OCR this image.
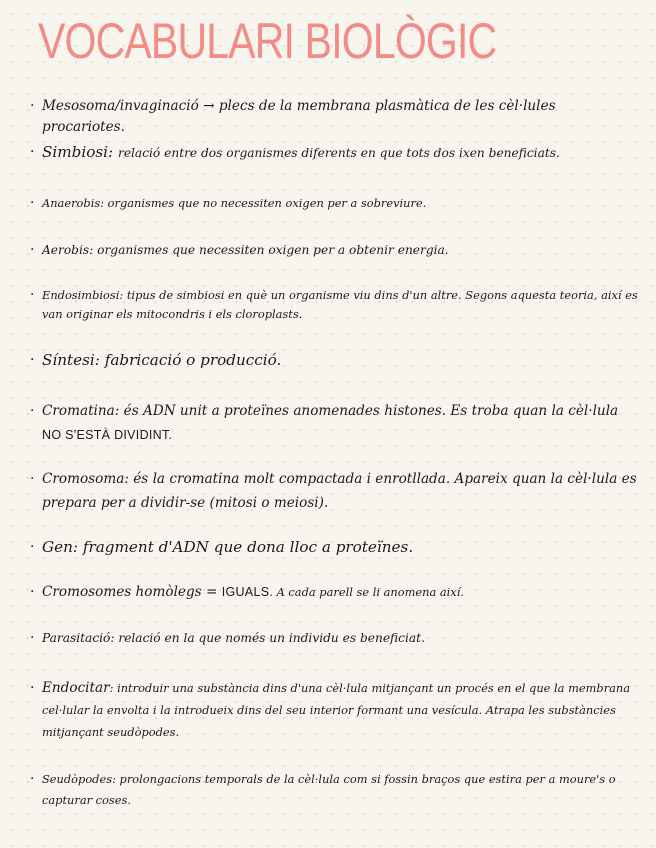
VOCABULARI BIOLÒGIC
· Mesosoma/invaginació → plecs de la membrana plasmàtica de les cèl·lules procariotes.
· Simbiosi: relació entre dos organismes diferents en que tots dos ixen beneficiats.
· Anaerobis: organismes que no necessiten oxigen per a sobreviure.
· Aerobis: organismes que necessiten oxigen per a obtenir energia.
· Endosimbiosi: tipus de simbiosi en què un organisme viu dins d'un altre. Segons aquesta teoria, així es van originar els mitocondris i els cloroplasts.
· Síntesi: fabricació o producció.
· Cromatina: és ADN unit a proteïnes anomenades histones. Es troba quan la cèl·lula
NO S'ESTÀ DIVIDINT.
· Cromosoma: és la cromatina molt compactada i enrotllada. Apareix quan la cèl·lula es prepara per a dividir-se (mitosi o meiosi).
· Gen: fragment d'ADN que dona lloc a proteïnes.
· Cromosomes homòlegs = IGUALS. A cada parell se li anomena així.
· Parasitació: relació en la que només un individu es beneficiat.
· Endocitar: introduir una substància dins d'una cèl·lula mitjançant un procés en el que la membrana cel·lular la envolta i la introdueix dins del seu interior formant una vesícula. Atrapa les substàncies mitjançant seudòpodes.
· Seudòpodes: prolongacions temporals de la cèl·lula com si fossin braços que estira per a moure's o capturar coses.
